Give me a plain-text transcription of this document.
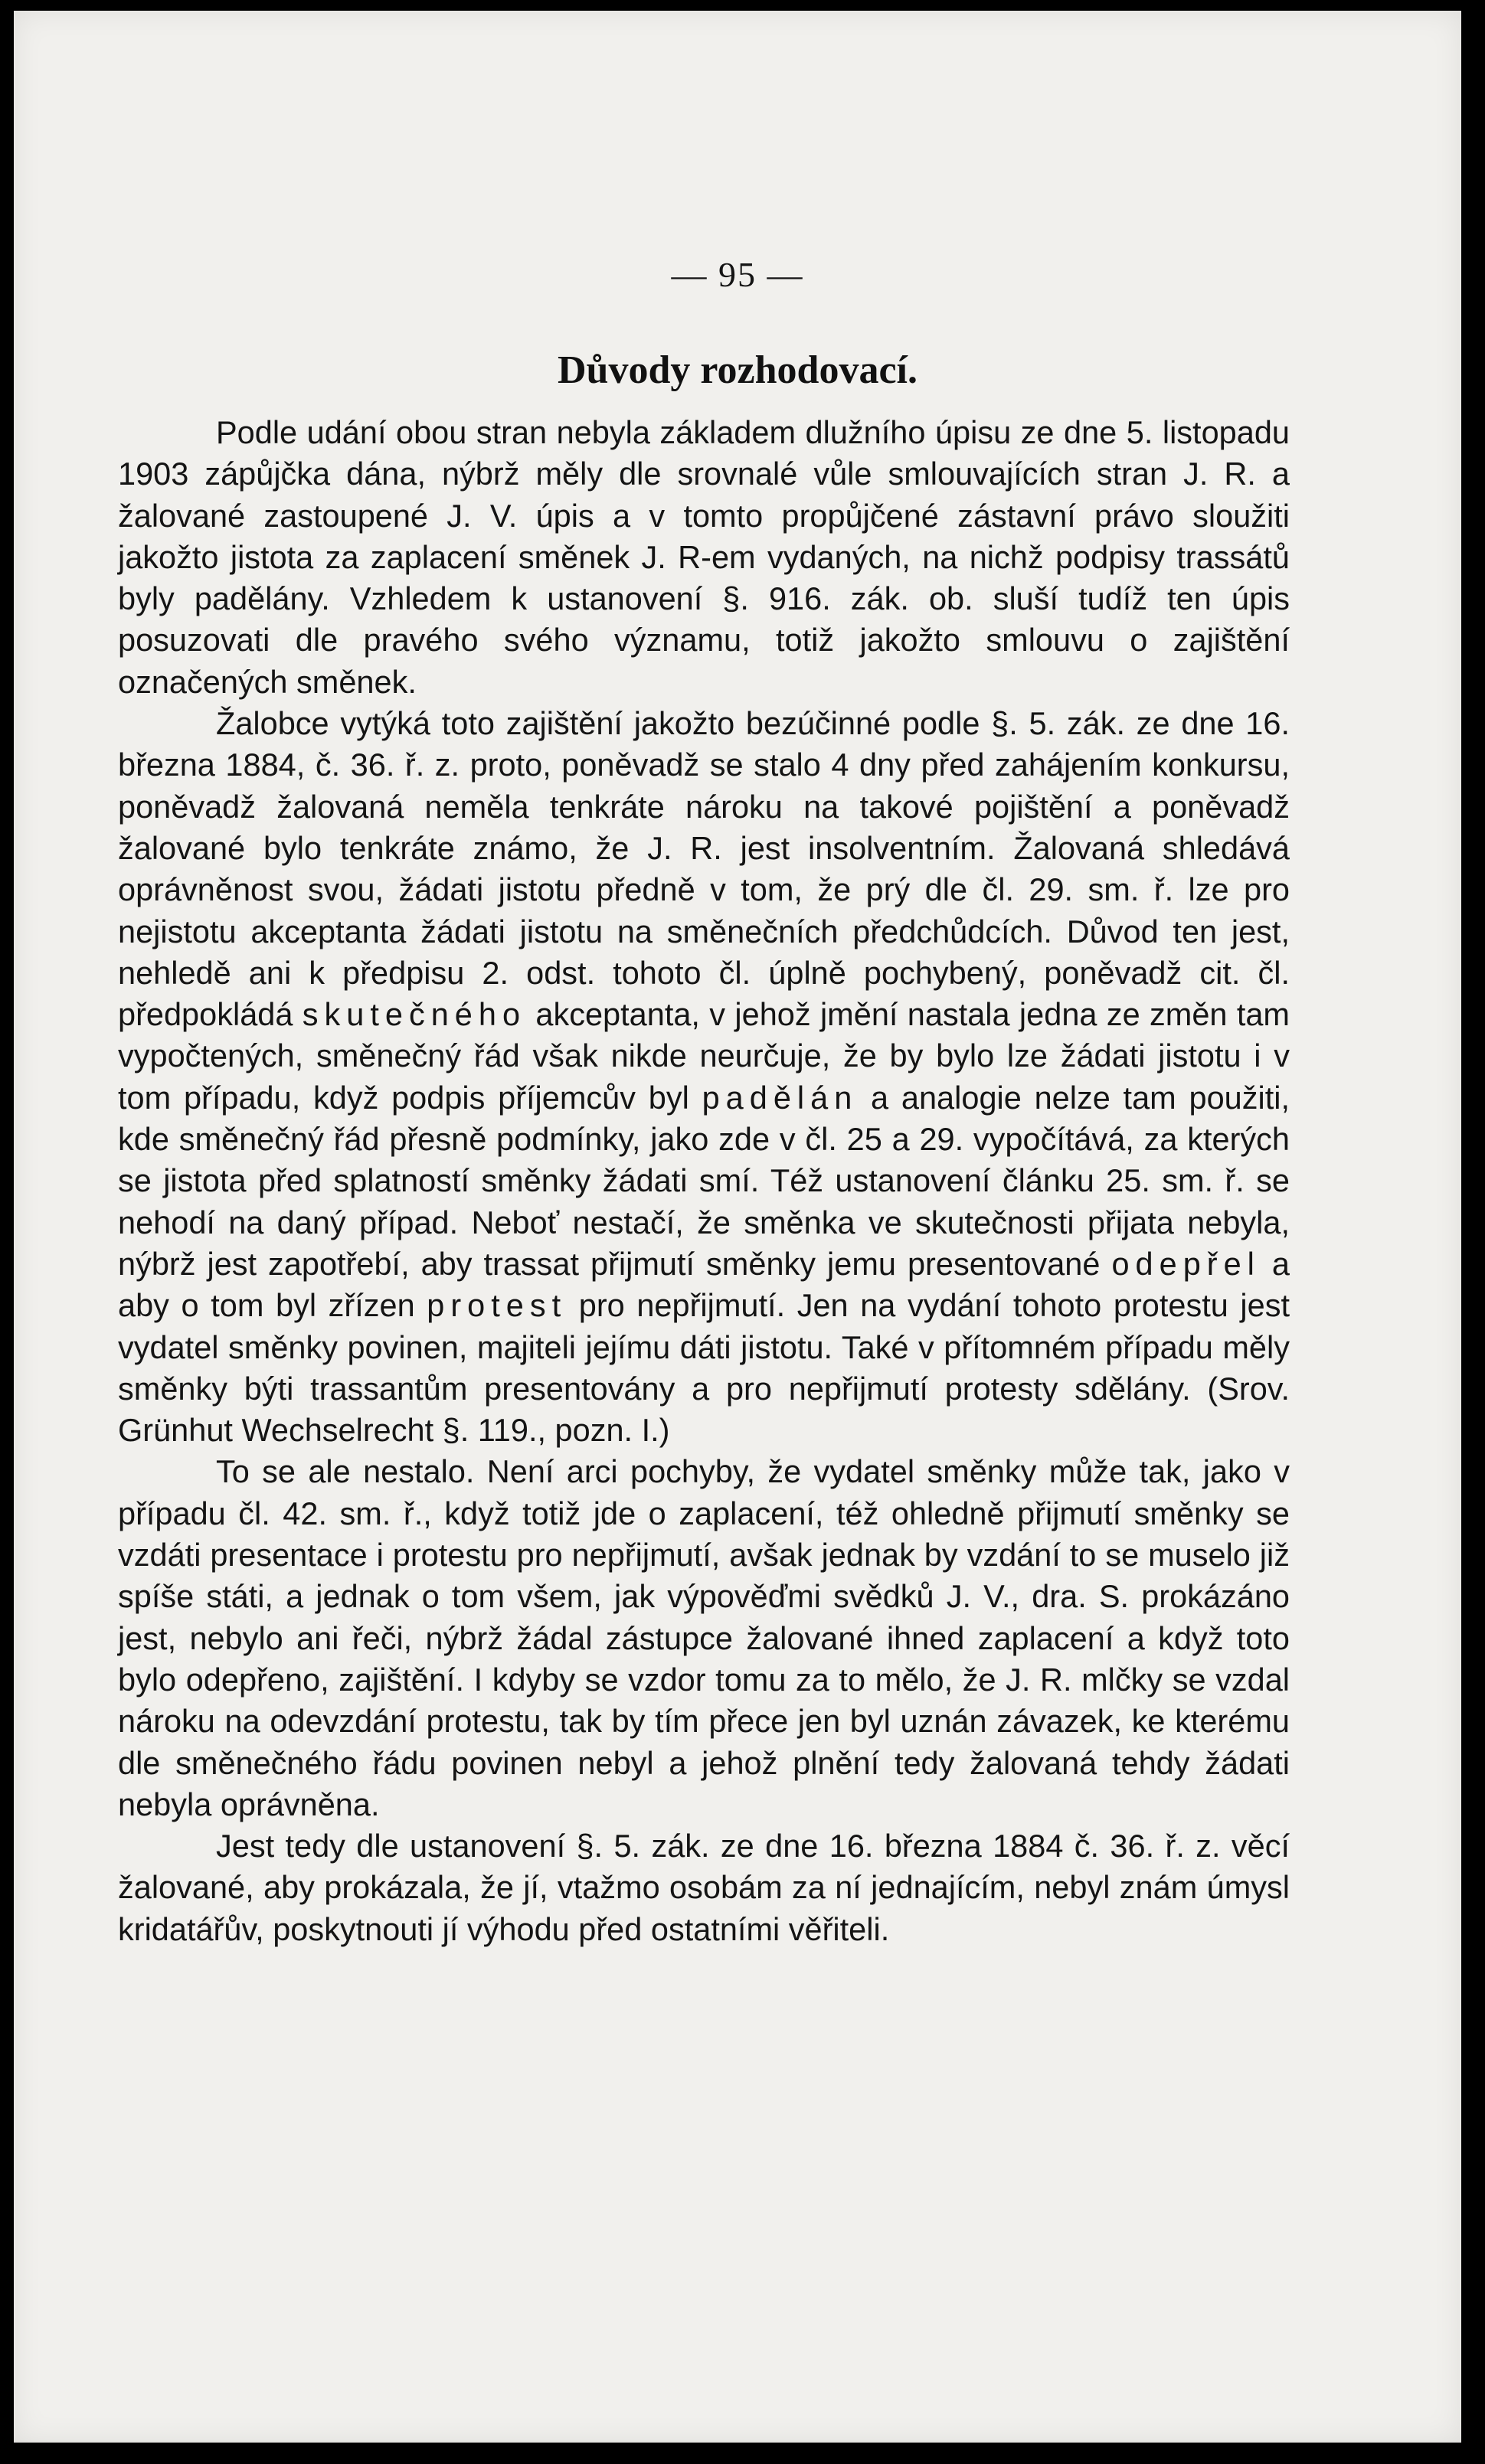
— 95 —
Důvody rozhodovací.

Podle udání obou stran nebyla základem dlužního úpisu ze dne 5. listopadu 1903 zápůjčka dána, nýbrž měly dle srovnalé vůle smlouvajících stran J. R. a žalované zastoupené J. V. úpis a v tomto propůjčené zástavní právo sloužiti jakožto jistota za zaplacení směnek J. R-em vydaných, na nichž podpisy trassátů byly padělány. Vzhledem k ustanovení §. 916. zák. ob. sluší tudíž ten úpis posuzovati dle pravého svého významu, totiž jakožto smlouvu o zajištění označených směnek.

Žalobce vytýká toto zajištění jakožto bezúčinné podle §. 5. zák. ze dne 16. března 1884, č. 36. ř. z. proto, poněvadž se stalo 4 dny před zahájením konkursu, poněvadž žalovaná neměla tenkráte nároku na takové pojištění a poněvadž žalované bylo tenkráte známo, že J. R. jest insolventním. Žalovaná shledává oprávněnost svou, žádati jistotu předně v tom, že prý dle čl. 29. sm. ř. lze pro nejistotu akceptanta žádati jistotu na směnečních předchůdcích. Důvod ten jest, nehledě ani k předpisu 2. odst. tohoto čl. úplně pochybený, poněvadž cit. čl. předpokládá skutečného akceptanta, v jehož jmění nastala jedna ze změn tam vypočtených, směnečný řád však nikde neurčuje, že by bylo lze žádati jistotu i v tom případu, když podpis příjemcův byl padělán a analogie nelze tam použiti, kde směnečný řád přesně podmínky, jako zde v čl. 25 a 29. vypočítává, za kterých se jistota před splatností směnky žádati smí. Též ustanovení článku 25. sm. ř. se nehodí na daný případ. Neboť nestačí, že směnka ve skutečnosti přijata nebyla, nýbrž jest zapotřebí, aby trassat přijmutí směnky jemu presentované odepřel a aby o tom byl zřízen protest pro nepřijmutí. Jen na vydání tohoto protestu jest vydatel směnky povinen, majiteli jejímu dáti jistotu. Také v přítomném případu měly směnky býti trassantům presentovány a pro nepřijmutí protesty sdělány. (Srov. Grünhut Wechselrecht §. 119., pozn. I.)

To se ale nestalo. Není arci pochyby, že vydatel směnky může tak, jako v případu čl. 42. sm. ř., když totiž jde o zaplacení, též ohledně přijmutí směnky se vzdáti presentace i protestu pro nepřijmutí, avšak jednak by vzdání to se muselo již spíše státi, a jednak o tom všem, jak výpověďmi svědků J. V., dra. S. prokázáno jest, nebylo ani řeči, nýbrž žádal zástupce žalované ihned zaplacení a když toto bylo odepřeno, zajištění. I kdyby se vzdor tomu za to mělo, že J. R. mlčky se vzdal nároku na odevzdání protestu, tak by tím přece jen byl uznán závazek, ke kterému dle směnečného řádu povinen nebyl a jehož plnění tedy žalovaná tehdy žádati nebyla oprávněna.

Jest tedy dle ustanovení §. 5. zák. ze dne 16. března 1884 č. 36. ř. z. věcí žalované, aby prokázala, že jí, vtažmo osobám za ní jednajícím, nebyl znám úmysl kridatářův, poskytnouti jí výhodu před ostatními věřiteli.
